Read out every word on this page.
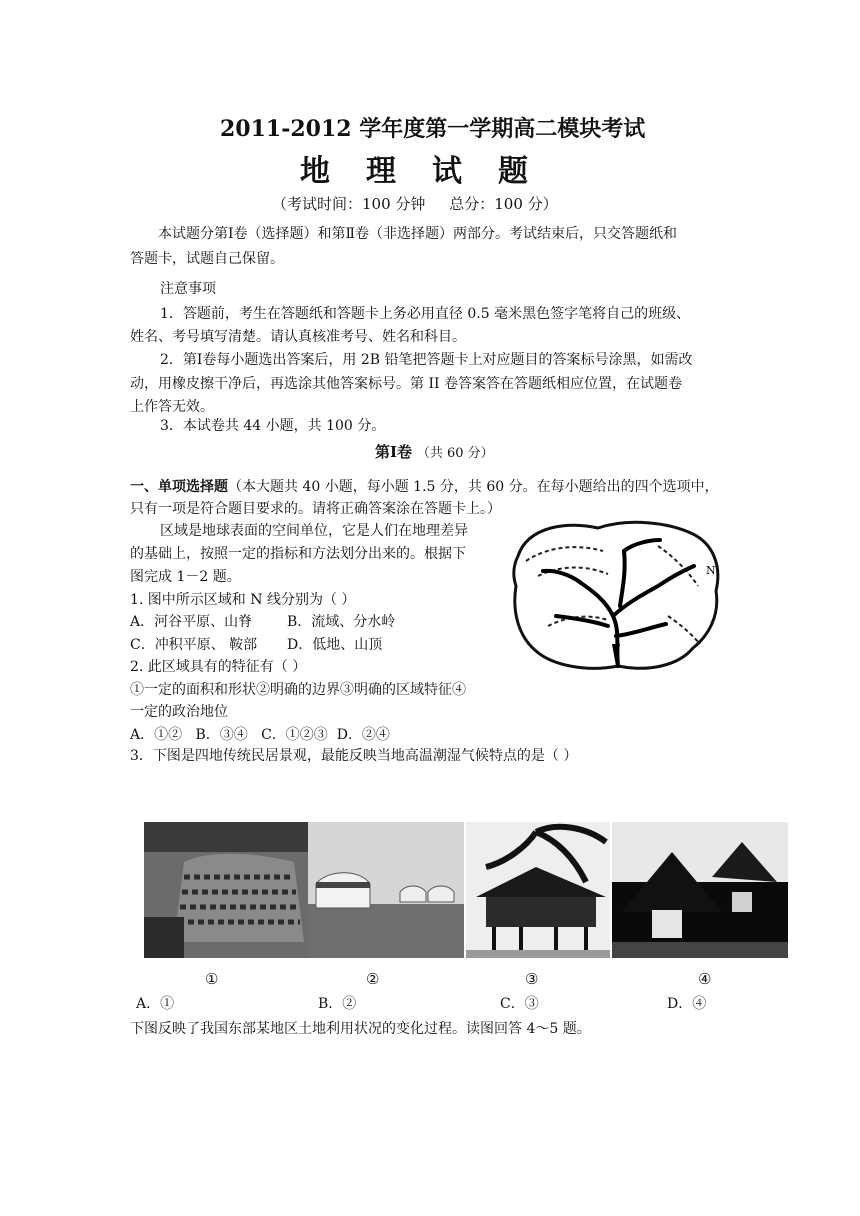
2011-2012 学年度第一学期高二模块考试
地 理 试 题
（考试时间：100 分钟     总分：100 分）
本试题分第Ⅰ卷（选择题）和第Ⅱ卷（非选择题）两部分。考试结束后，只交答题纸和
答题卡，试题自己保留。
注意事项
1．答题前，考生在答题纸和答题卡上务必用直径 0.5 毫米黑色签字笔将自己的班级、
姓名、考号填写清楚。请认真核准考号、姓名和科目。
2．第Ⅰ卷每小题选出答案后，用 2B 铅笔把答题卡上对应题目的答案标号涂黑，如需改
动，用橡皮擦干净后，再选涂其他答案标号。第 II 卷答案答在答题纸相应位置，在试题卷
上作答无效。
3．本试卷共 44 小题，共 100 分。
第Ⅰ卷 （共 60 分）
一、单项选择题（本大题共 40 小题，每小题 1.5 分，共 60 分。在每小题给出的四个选项中，
只有一项是符合题目要求的。请将正确答案涂在答题卡上。）
区域是地球表面的空间单位，它是人们在地理差异
的基础上，按照一定的指标和方法划分出来的。根据下
图完成 1－2 题。
1. 图中所示区域和 N 线分别为（ ）
A．河谷平原、山脊 B．流域、分水岭
C．冲积平原、 鞍部 D．低地、山顶
2. 此区域具有的特征有（ ）
①一定的面积和形状②明确的边界③明确的区域特征④
一定的政治地位
A．①②   B．③④   C．①②③  D．②④
N
3．下图是四地传统民居景观，最能反映当地高温潮湿气候特点的是（ ）
①	②	③	④
A．①	B．②	C．③	D．④
下图反映了我国东部某地区土地利用状况的变化过程。读图回答 4～5 题。
